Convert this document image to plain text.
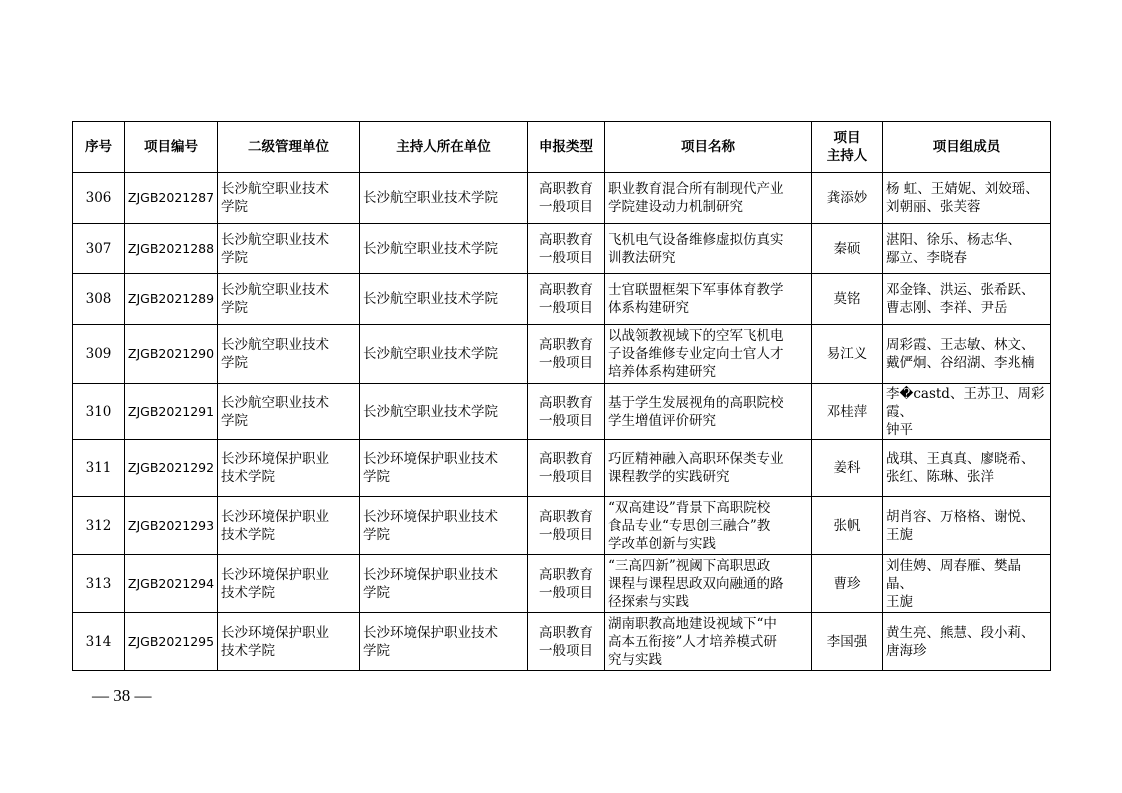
序号	项目编号	二级管理单位	主持人所在单位	申报类型	项目名称	项目
主持人	项目组成员
306	ZJGB2021287	长沙航空职业技术
学院	长沙航空职业技术学院	高职教育
一般项目	职业教育混合所有制现代产业
学院建设动力机制研究	龚添妙	杨 虹、王婧妮、刘姣瑶、
刘朝丽、张芙蓉
307	ZJGB2021288	长沙航空职业技术
学院	长沙航空职业技术学院	高职教育
一般项目	飞机电气设备维修虚拟仿真实
训教法研究	秦硕	湛阳、徐乐、杨志华、
鄢立、李晓春
308	ZJGB2021289	长沙航空职业技术
学院	长沙航空职业技术学院	高职教育
一般项目	士官联盟框架下军事体育教学
体系构建研究	莫铭	邓金锋、洪运、张希跃、
曹志刚、李祥、尹岳
309	ZJGB2021290	长沙航空职业技术
学院	长沙航空职业技术学院	高职教育
一般项目	以战领教视域下的空军飞机电
子设备维修专业定向士官人才
培养体系构建研究	易江义	周彩霞、王志敏、林文、
戴俨炯、谷绍湖、李兆楠
310	ZJGB2021291	长沙航空职业技术
学院	长沙航空职业技术学院	高职教育
一般项目	基于学生发展视角的高职院校
学生增值评价研究	邓桂萍	李�castd、王苏卫、周彩霞、
钟平
311	ZJGB2021292	长沙环境保护职业
技术学院	长沙环境保护职业技术
学院	高职教育
一般项目	巧匠精神融入高职环保类专业
课程教学的实践研究	姜科	战琪、王真真、廖晓希、
张红、陈琳、张洋
312	ZJGB2021293	长沙环境保护职业
技术学院	长沙环境保护职业技术
学院	高职教育
一般项目	“双高建设”背景下高职院校
食品专业“专思创三融合”教
学改革创新与实践	张帆	胡肖容、万格格、谢悦、
王旎
313	ZJGB2021294	长沙环境保护职业
技术学院	长沙环境保护职业技术
学院	高职教育
一般项目	“三高四新”视阈下高职思政
课程与课程思政双向融通的路
径探索与实践	曹珍	刘佳娉、周春雁、樊晶晶、
王旎
314	ZJGB2021295	长沙环境保护职业
技术学院	长沙环境保护职业技术
学院	高职教育
一般项目	湖南职教高地建设视域下“中
高本五衔接”人才培养模式研
究与实践	李国强	黄生亮、熊慧、段小莉、
唐海珍
— 38 —
